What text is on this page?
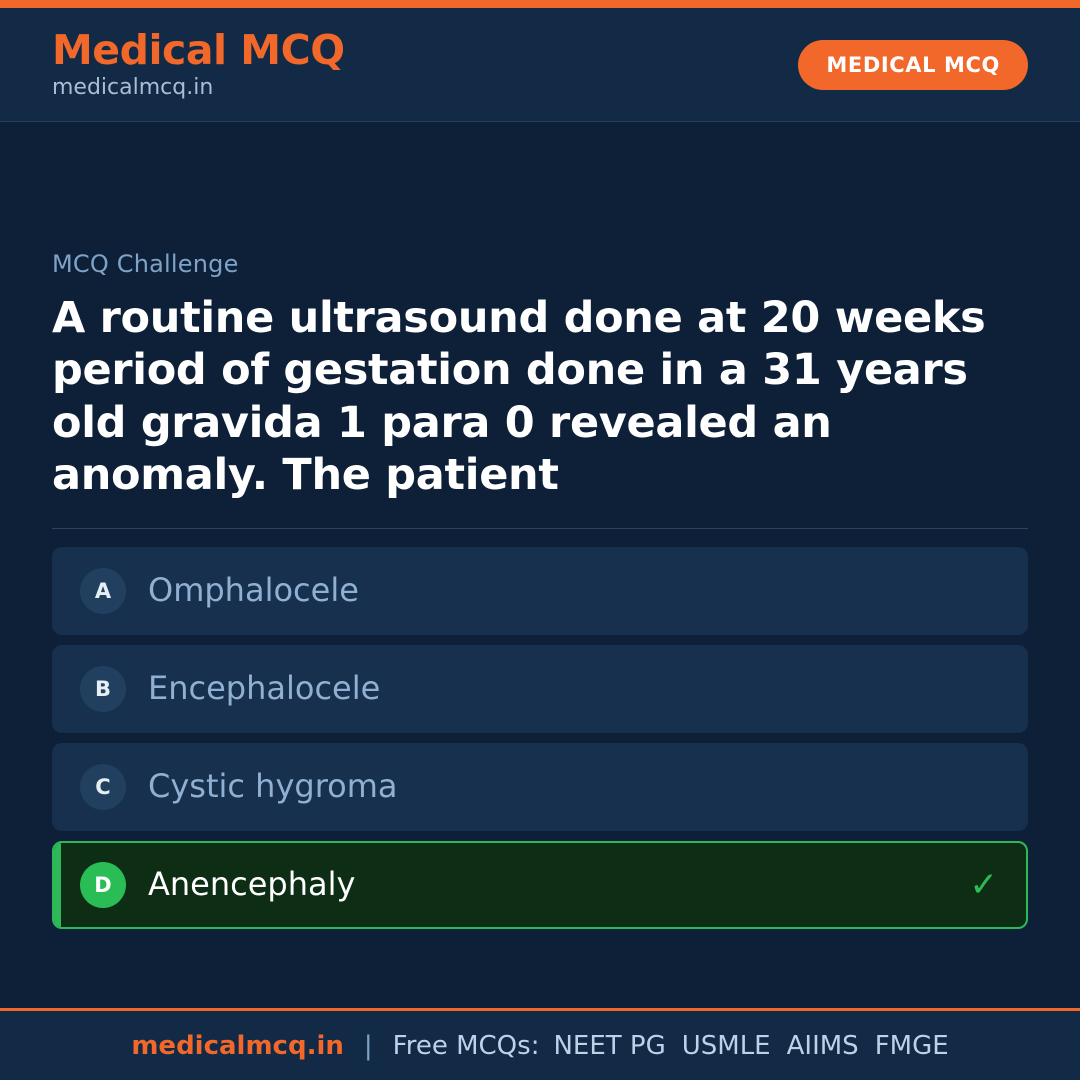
Medical MCQ
medicalmcq.in
MEDICAL MCQ
MCQ Challenge
A routine ultrasound done at 20 weeks period of gestation done in a 31 years old gravida 1 para 0 revealed an anomaly. The patient
A	Omphalocele
B	Encephalocele
C	Cystic hygroma
D	Anencephaly	✓
medicalmcq.in | Free MCQs: NEET PG USMLE AIIMS FMGE
